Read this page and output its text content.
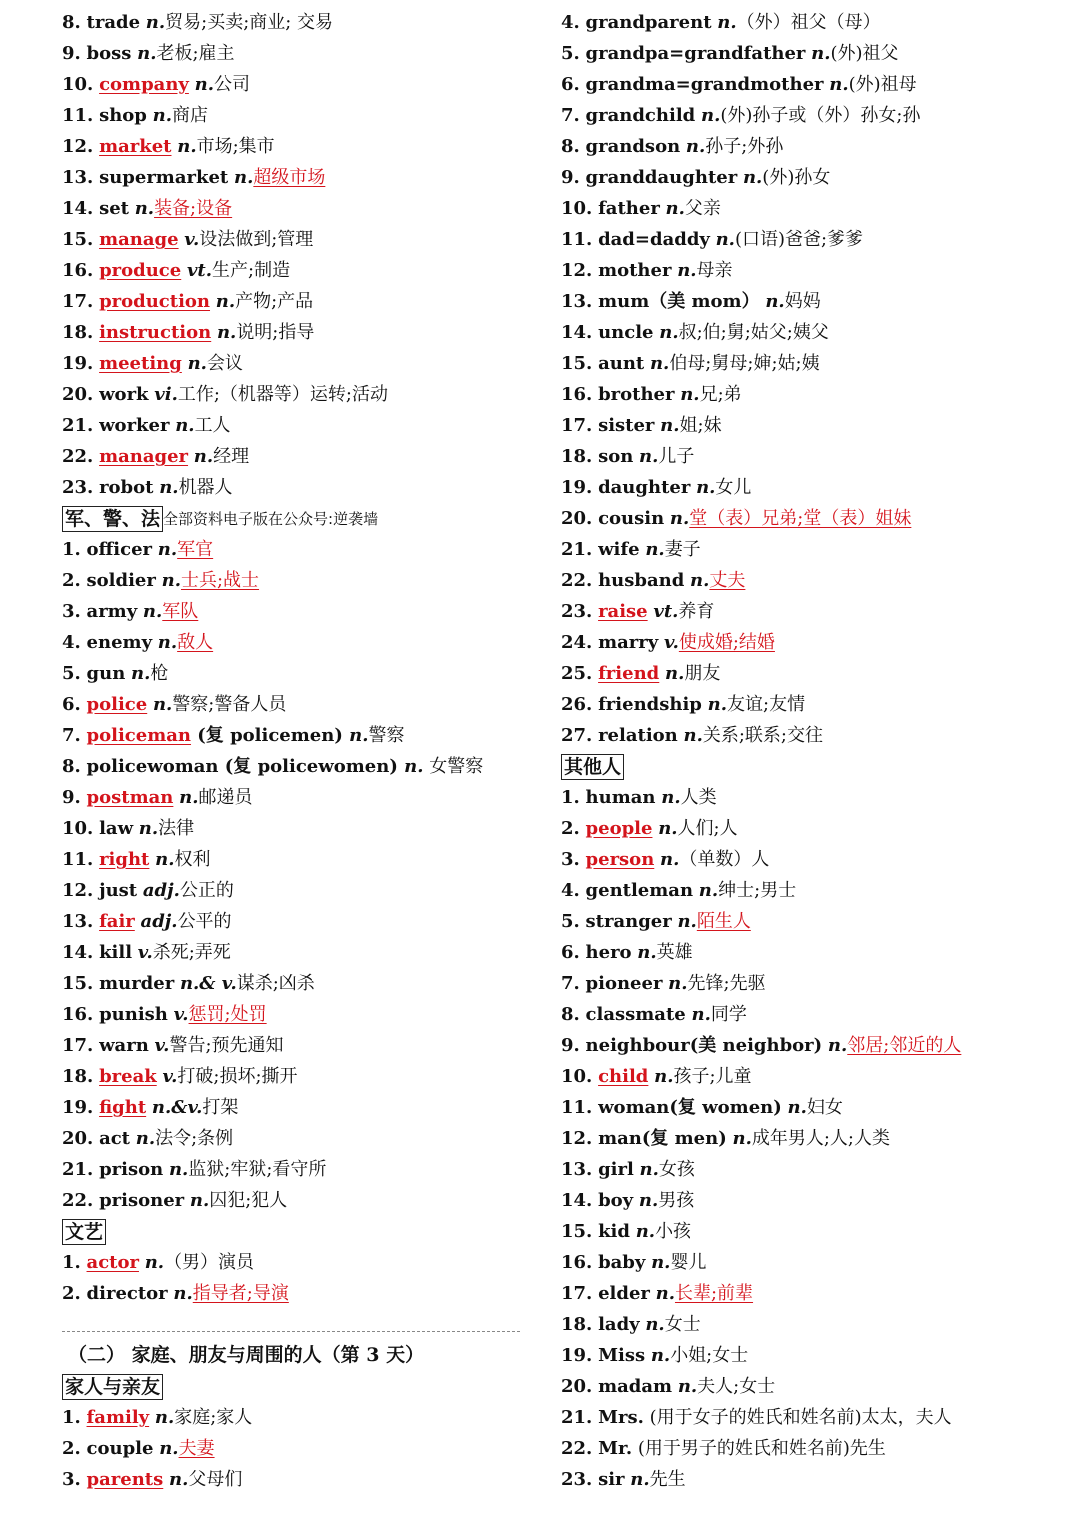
8. trade n.贸易;买卖;商业; 交易
9. boss n.老板;雇主
10. company n.公司
11. shop n.商店
12. market n.市场;集市
13. supermarket n.超级市场
14. set n.装备;设备
15. manage v.设法做到;管理
16. produce vt.生产;制造
17. production n.产物;产品
18. instruction n.说明;指导
19. meeting n.会议
20. work vi.工作;（机器等）运转;活动
21. worker n.工人
22. manager n.经理
23. robot n.机器人
军、警、法 全部资料电子版在公众号:逆袭墙
1. officer n.军官
2. soldier n.士兵;战士
3. army n.军队
4. enemy n.敌人
5. gun n.枪
6. police n.警察;警备人员
7. policeman (复 policemen) n.警察
8. policewoman (复 policewomen) n. 女警察
9. postman n.邮递员
10. law n.法律
11. right n.权利
12. just adj.公正的
13. fair adj.公平的
14. kill v.杀死;弄死
15. murder n.& v.谋杀;凶杀
16. punish v.惩罚;处罚
17. warn v.警告;预先通知
18. break v.打破;损坏;撕开
19. fight n.&v.打架
20. act n.法令;条例
21. prison n.监狱;牢狱;看守所
22. prisoner n.囚犯;犯人
文艺
1. actor n.（男）演员
2. director n.指导者;导演
（二） 家庭、朋友与周围的人（第 3 天）
家人与亲友
1. family n.家庭;家人
2. couple n.夫妻
3. parents n.父母们
4. grandparent n.（外）祖父（母）
5. grandpa=grandfather n.(外)祖父
6. grandma=grandmother n.(外)祖母
7. grandchild n.(外)孙子或（外）孙女;孙
8. grandson n.孙子;外孙
9. granddaughter n.(外)孙女
10. father n.父亲
11. dad=daddy n.(口语)爸爸;爹爹
12. mother n.母亲
13. mum（美 mom） n.妈妈
14. uncle n.叔;伯;舅;姑父;姨父
15. aunt n.伯母;舅母;婶;姑;姨
16. brother n.兄;弟
17. sister n.姐;妹
18. son n.儿子
19. daughter n.女儿
20. cousin n.堂（表）兄弟;堂（表）姐妹
21. wife n.妻子
22. husband n.丈夫
23. raise vt.养育
24. marry v.使成婚;结婚
25. friend n.朋友
26. friendship n.友谊;友情
27. relation n.关系;联系;交往
其他人
1. human n.人类
2. people n.人们;人
3. person n.（单数）人
4. gentleman n.绅士;男士
5. stranger n.陌生人
6. hero n.英雄
7. pioneer n.先锋;先驱
8. classmate n.同学
9. neighbour(美 neighbor) n.邻居;邻近的人
10. child n.孩子;儿童
11. woman(复 women) n.妇女
12. man(复 men) n.成年男人;人;人类
13. girl n.女孩
14. boy n.男孩
15. kid n.小孩
16. baby n.婴儿
17. elder n.长辈;前辈
18. lady n.女士
19. Miss n.小姐;女士
20. madam n.夫人;女士
21. Mrs. (用于女子的姓氏和姓名前)太太，夫人
22. Mr. (用于男子的姓氏和姓名前)先生
23. sir n.先生
